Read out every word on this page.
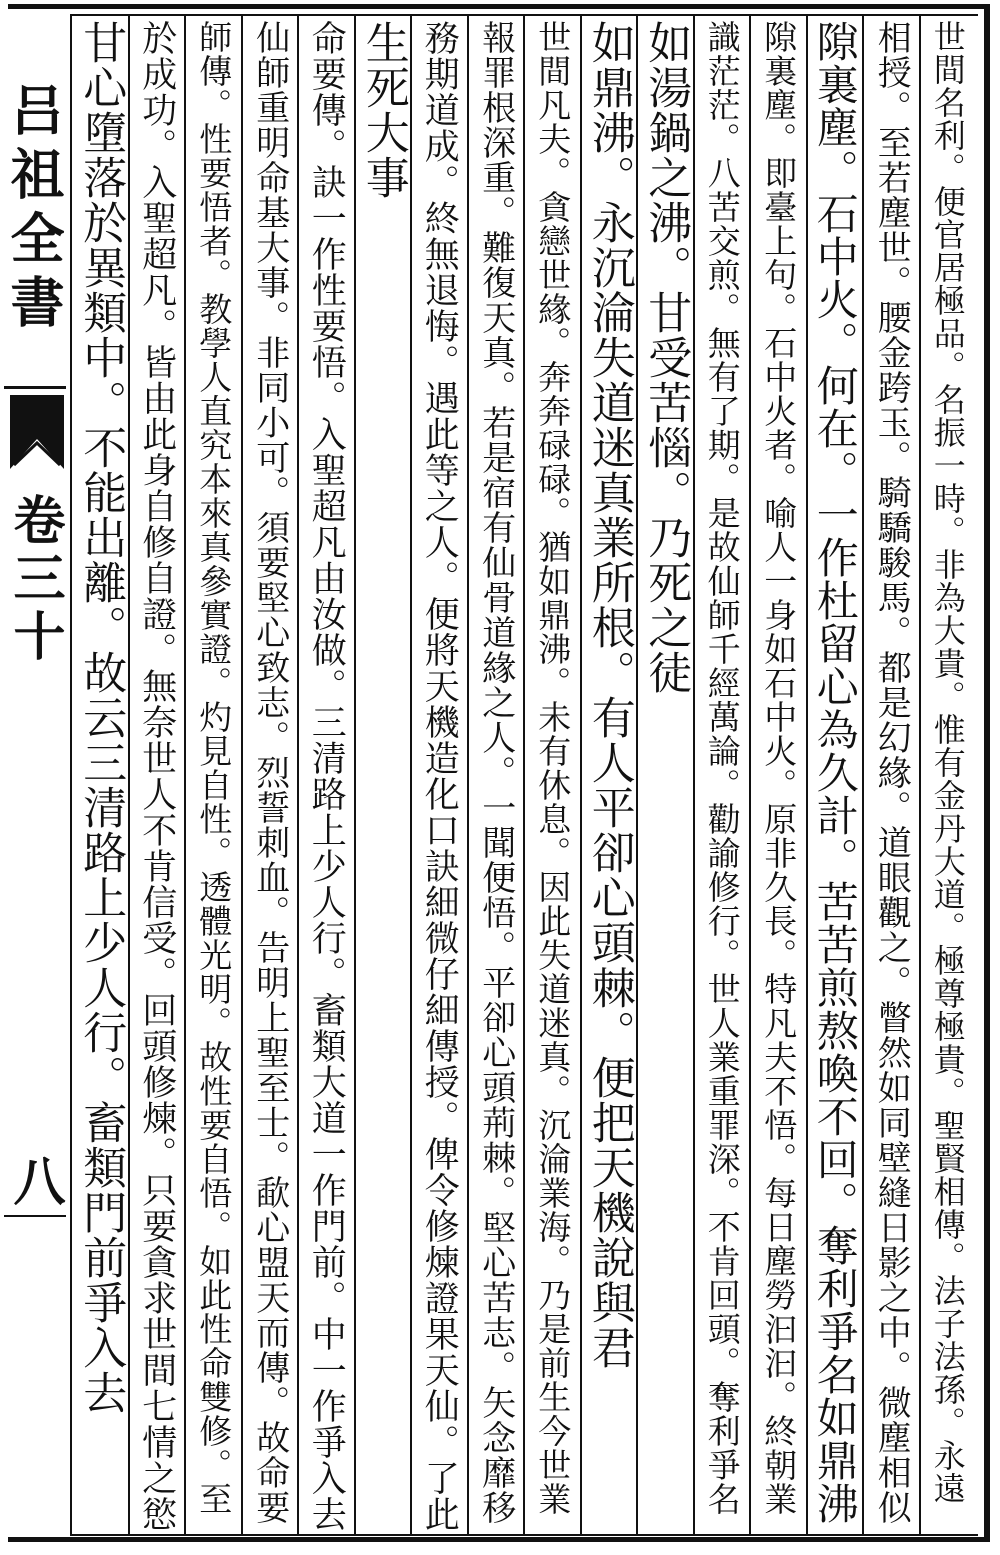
吕祖全書
卷三十
八	世間名利。便官居極品。名振一時。非為大貴。惟有金丹大道。極尊極貴。聖賢相傳。法子法孫。永遠
相授。至若塵世。腰金跨玉。騎驕駿馬。都是幻緣。道眼觀之。瞥然如同壁縫日影之中。微塵相似
隙裏塵。石中火。何在。一作杜留心為久計。苦苦煎熬喚不回。奪利爭名如鼎沸
隙裏塵。即臺上句。石中火者。喻人一身如石中火。原非久長。特凡夫不悟。每日塵勞汩汩。終朝業
識茫茫。八苦交煎。無有了期。是故仙師千經萬論。勸諭修行。世人業重罪深。不肯回頭。奪利爭名
如湯鍋之沸。甘受苦惱。乃死之徒
如鼎沸。永沉淪失道迷真業所根。有人平卻心頭棘。便把天機說與君
世間凡夫。貪戀世緣。奔奔碌碌。猶如鼎沸。未有休息。因此失道迷真。沉淪業海。乃是前生今世業
報罪根深重。難復天真。若是宿有仙骨道緣之人。一聞便悟。平卻心頭荊棘。堅心苦志。矢念靡移
務期道成。終無退悔。遇此等之人。便將天機造化口訣細微仔細傳授。俾令修煉證果天仙。了此
生死大事
命要傳。訣一作性要悟。入聖超凡由汝做。三清路上少人行。畜類大道一作門前。中一作爭入去
仙師重明命基大事。非同小可。須要堅心致志。烈誓刺血。告明上聖至士。歃心盟天而傳。故命要
師傳。性要悟者。教學人直究本來真參實證。灼見自性。透體光明。故性要自悟。如此性命雙修。至
於成功。入聖超凡。皆由此身自修自證。無奈世人不肯信受。回頭修煉。只要貪求世間七情之慾
甘心墮落於異類中。不能出離。故云三清路上少人行。畜類門前爭入去
